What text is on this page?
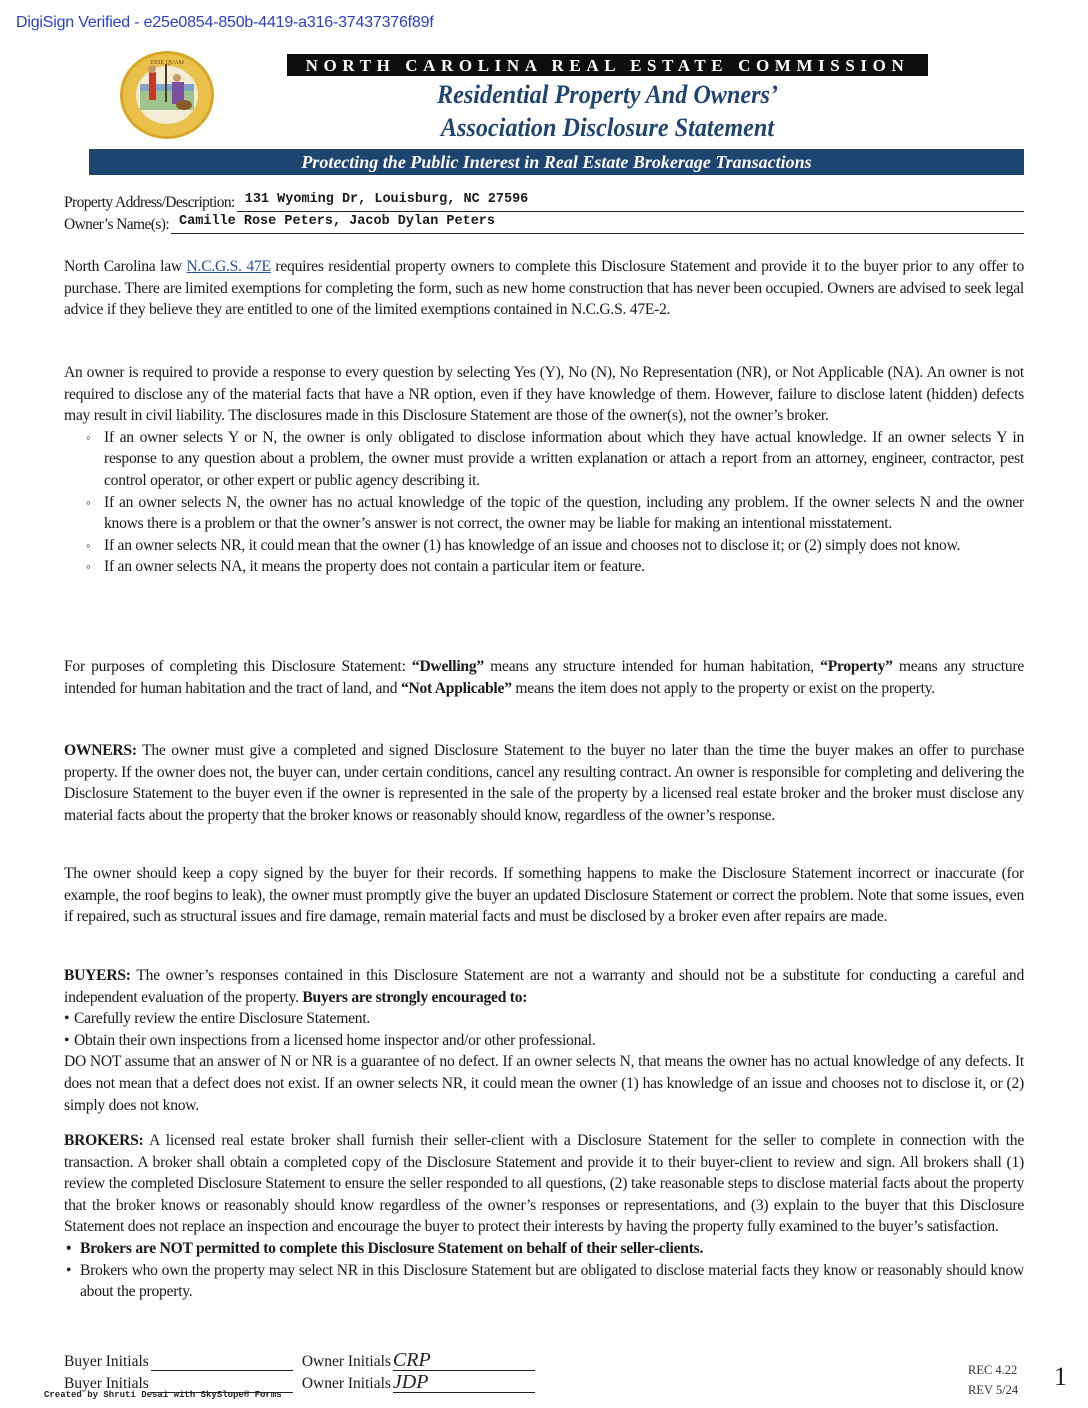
DigiSign Verified - e25e0854-850b-4419-a316-37437376f89f
ESSE QUAM	NORTH CAROLINA REAL ESTATE COMMISSION
Residential Property And Owners’
Association Disclosure Statement
Protecting the Public Interest in Real Estate Brokerage Transactions
Property Address/Description: 131 Wyoming Dr, Louisburg, NC 27596
Owner’s Name(s): Camille Rose Peters, Jacob Dylan Peters

North Carolina law N.C.G.S. 47E requires residential property owners to complete this Disclosure Statement and provide it to the buyer prior to any offer to purchase. There are limited exemptions for completing the form, such as new home construction that has never been occupied. Owners are advised to seek legal advice if they believe they are entitled to one of the limited exemptions contained in N.C.G.S. 47E-2.

An owner is required to provide a response to every question by selecting Yes (Y), No (N), No Representation (NR), or Not Applicable (NA). An owner is not required to disclose any of the material facts that have a NR option, even if they have knowledge of them. However, failure to disclose latent (hidden) defects may result in civil liability. The disclosures made in this Disclosure Statement are those of the owner(s), not the owner’s broker.

◦ If an owner selects Y or N, the owner is only obligated to disclose information about which they have actual knowledge. If an owner selects Y in response to any question about a problem, the owner must provide a written explanation or attach a report from an attorney, engineer, contractor, pest control operator, or other expert or public agency describing it.
◦ If an owner selects N, the owner has no actual knowledge of the topic of the question, including any problem. If the owner selects N and the owner knows there is a problem or that the owner’s answer is not correct, the owner may be liable for making an intentional misstatement.
◦ If an owner selects NR, it could mean that the owner (1) has knowledge of an issue and chooses not to disclose it; or (2) simply does not know.
◦ If an owner selects NA, it means the property does not contain a particular item or feature.

For purposes of completing this Disclosure Statement: “Dwelling” means any structure intended for human habitation, “Property” means any structure intended for human habitation and the tract of land, and “Not Applicable” means the item does not apply to the property or exist on the property.

OWNERS: The owner must give a completed and signed Disclosure Statement to the buyer no later than the time the buyer makes an offer to purchase property. If the owner does not, the buyer can, under certain conditions, cancel any resulting contract. An owner is responsible for completing and delivering the Disclosure Statement to the buyer even if the owner is represented in the sale of the property by a licensed real estate broker and the broker must disclose any material facts about the property that the broker knows or reasonably should know, regardless of the owner’s response.

The owner should keep a copy signed by the buyer for their records. If something happens to make the Disclosure Statement incorrect or inaccurate (for example, the roof begins to leak), the owner must promptly give the buyer an updated Disclosure Statement or correct the problem. Note that some issues, even if repaired, such as structural issues and fire damage, remain material facts and must be disclosed by a broker even after repairs are made.

BUYERS: The owner’s responses contained in this Disclosure Statement are not a warranty and should not be a substitute for conducting a careful and independent evaluation of the property. Buyers are strongly encouraged to:

• Carefully review the entire Disclosure Statement.
• Obtain their own inspections from a licensed home inspector and/or other professional.

DO NOT assume that an answer of N or NR is a guarantee of no defect. If an owner selects N, that means the owner has no actual knowledge of any defects. It does not mean that a defect does not exist. If an owner selects NR, it could mean the owner (1) has knowledge of an issue and chooses not to disclose it, or (2) simply does not know.

BROKERS: A licensed real estate broker shall furnish their seller-client with a Disclosure Statement for the seller to complete in connection with the transaction. A broker shall obtain a completed copy of the Disclosure Statement and provide it to their buyer-client to review and sign. All brokers shall (1) review the completed Disclosure Statement to ensure the seller responded to all questions, (2) take reasonable steps to disclose material facts about the property that the broker knows or reasonably should know regardless of the owner’s responses or representations, and (3) explain to the buyer that this Disclosure Statement does not replace an inspection and encourage the buyer to protect their interests by having the property fully examined to the buyer’s satisfaction.

• Brokers are NOT permitted to complete this Disclosure Statement on behalf of their seller-clients.
• Brokers who own the property may select NR in this Disclosure Statement but are obligated to disclose material facts they know or reasonably should know about the property.
Buyer Initials	Owner Initials CRP
Buyer Initials	Owner Initials JDP
Created by Shruti Desai with SkySlope® Forms
REC 4.22
REV 5/24 1
